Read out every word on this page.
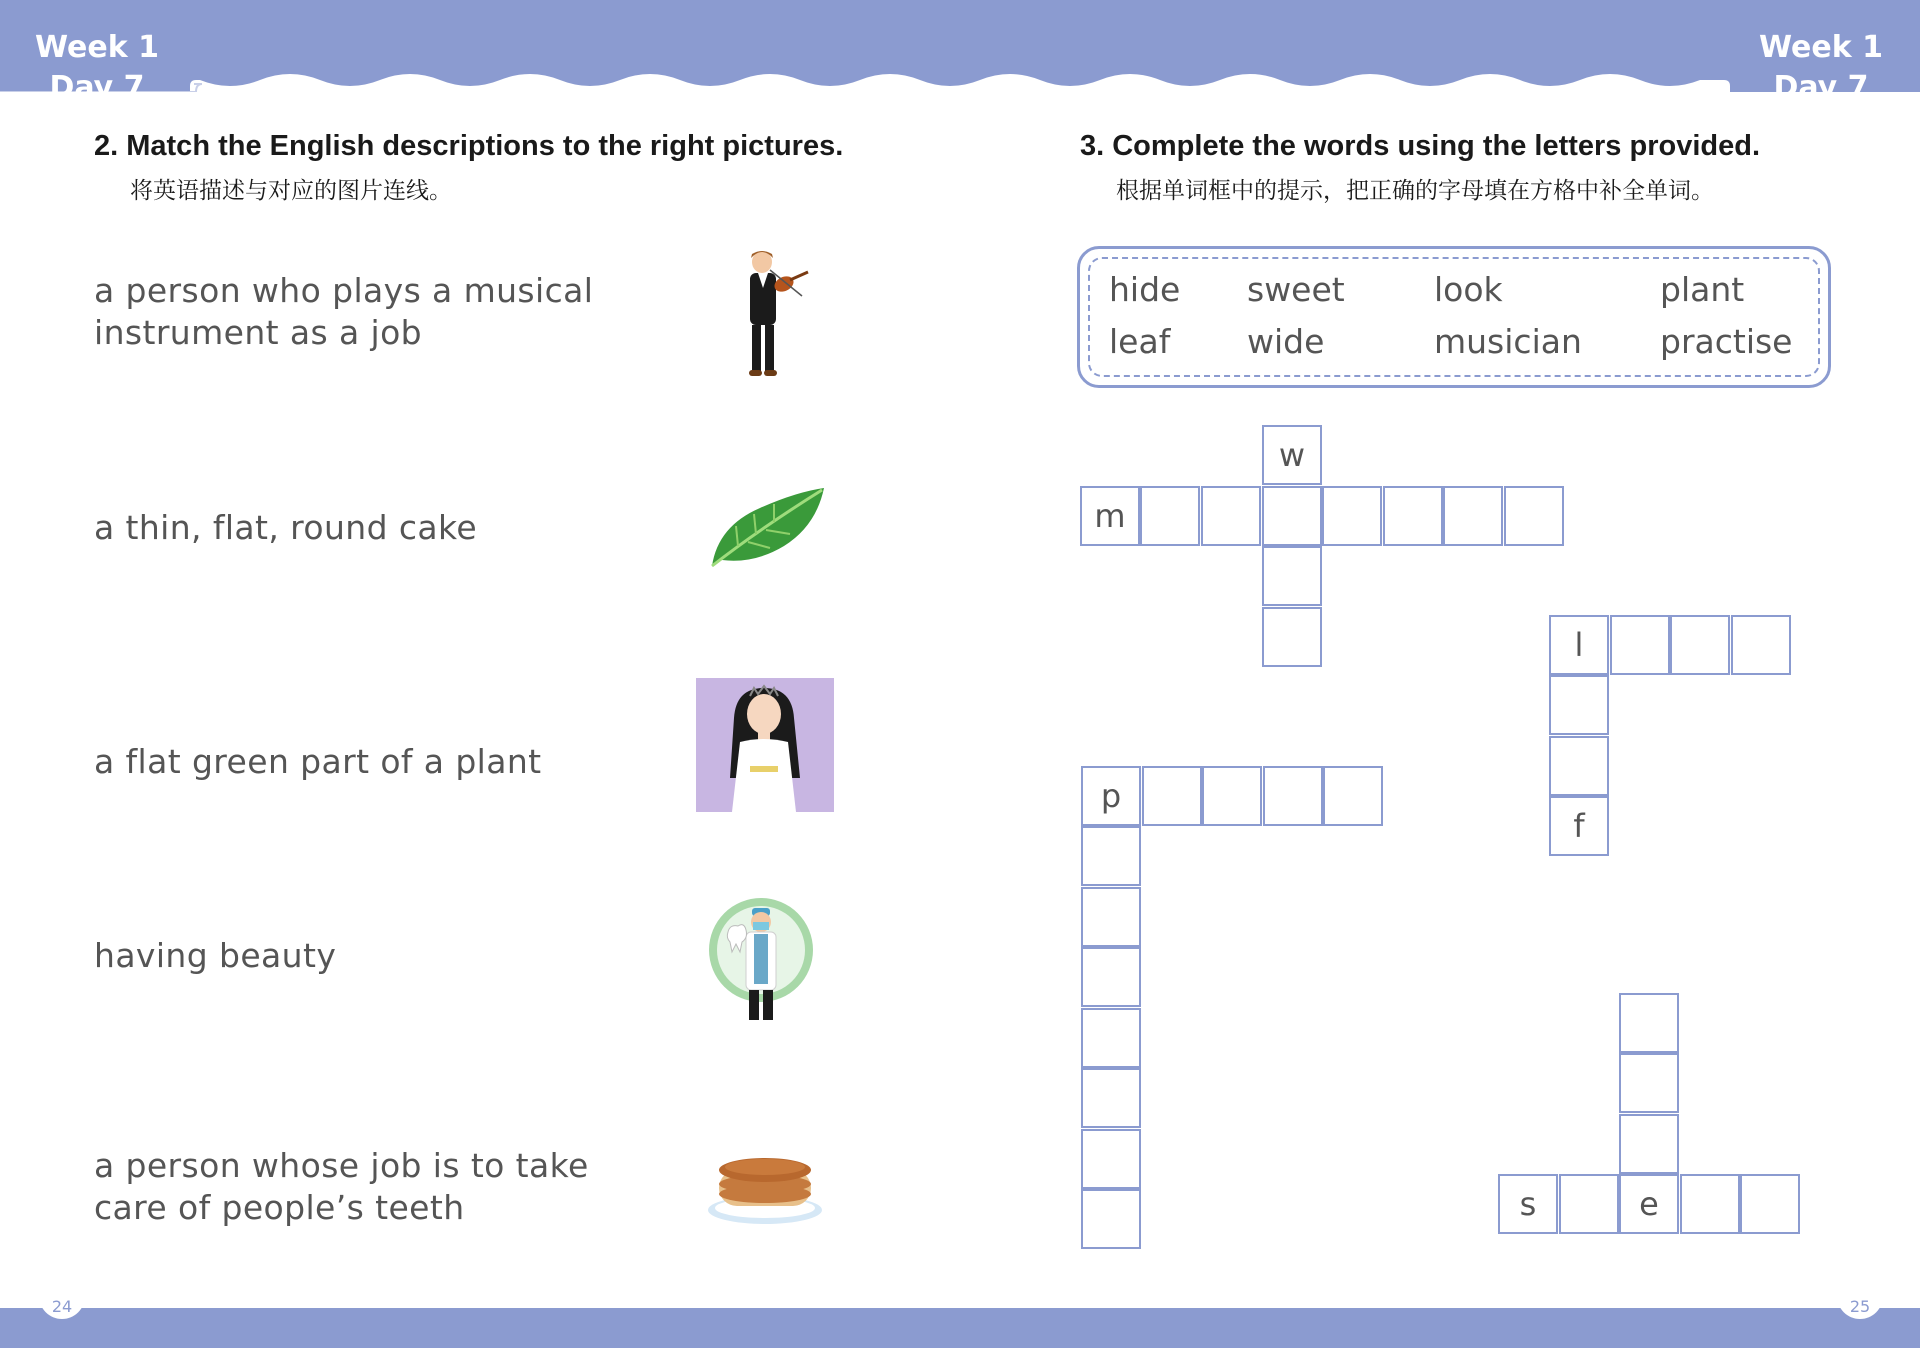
Week 1
Day 7
Week 1
Day 7
2. Match the English descriptions to the right pictures.
将英语描述与对应的图片连线。
a person who plays a musical
instrument as a job
a thin, flat, round cake
a flat green part of a plant
having beauty
a person whose job is to take
care of people’s teeth
3. Complete the words using the letters provided.
根据单词框中的提示，把正确的字母填在方格中补全单词。
hide sweet	look	plant
leaf wide	musician practise
w
m
l
f
p
s	e
24	25
